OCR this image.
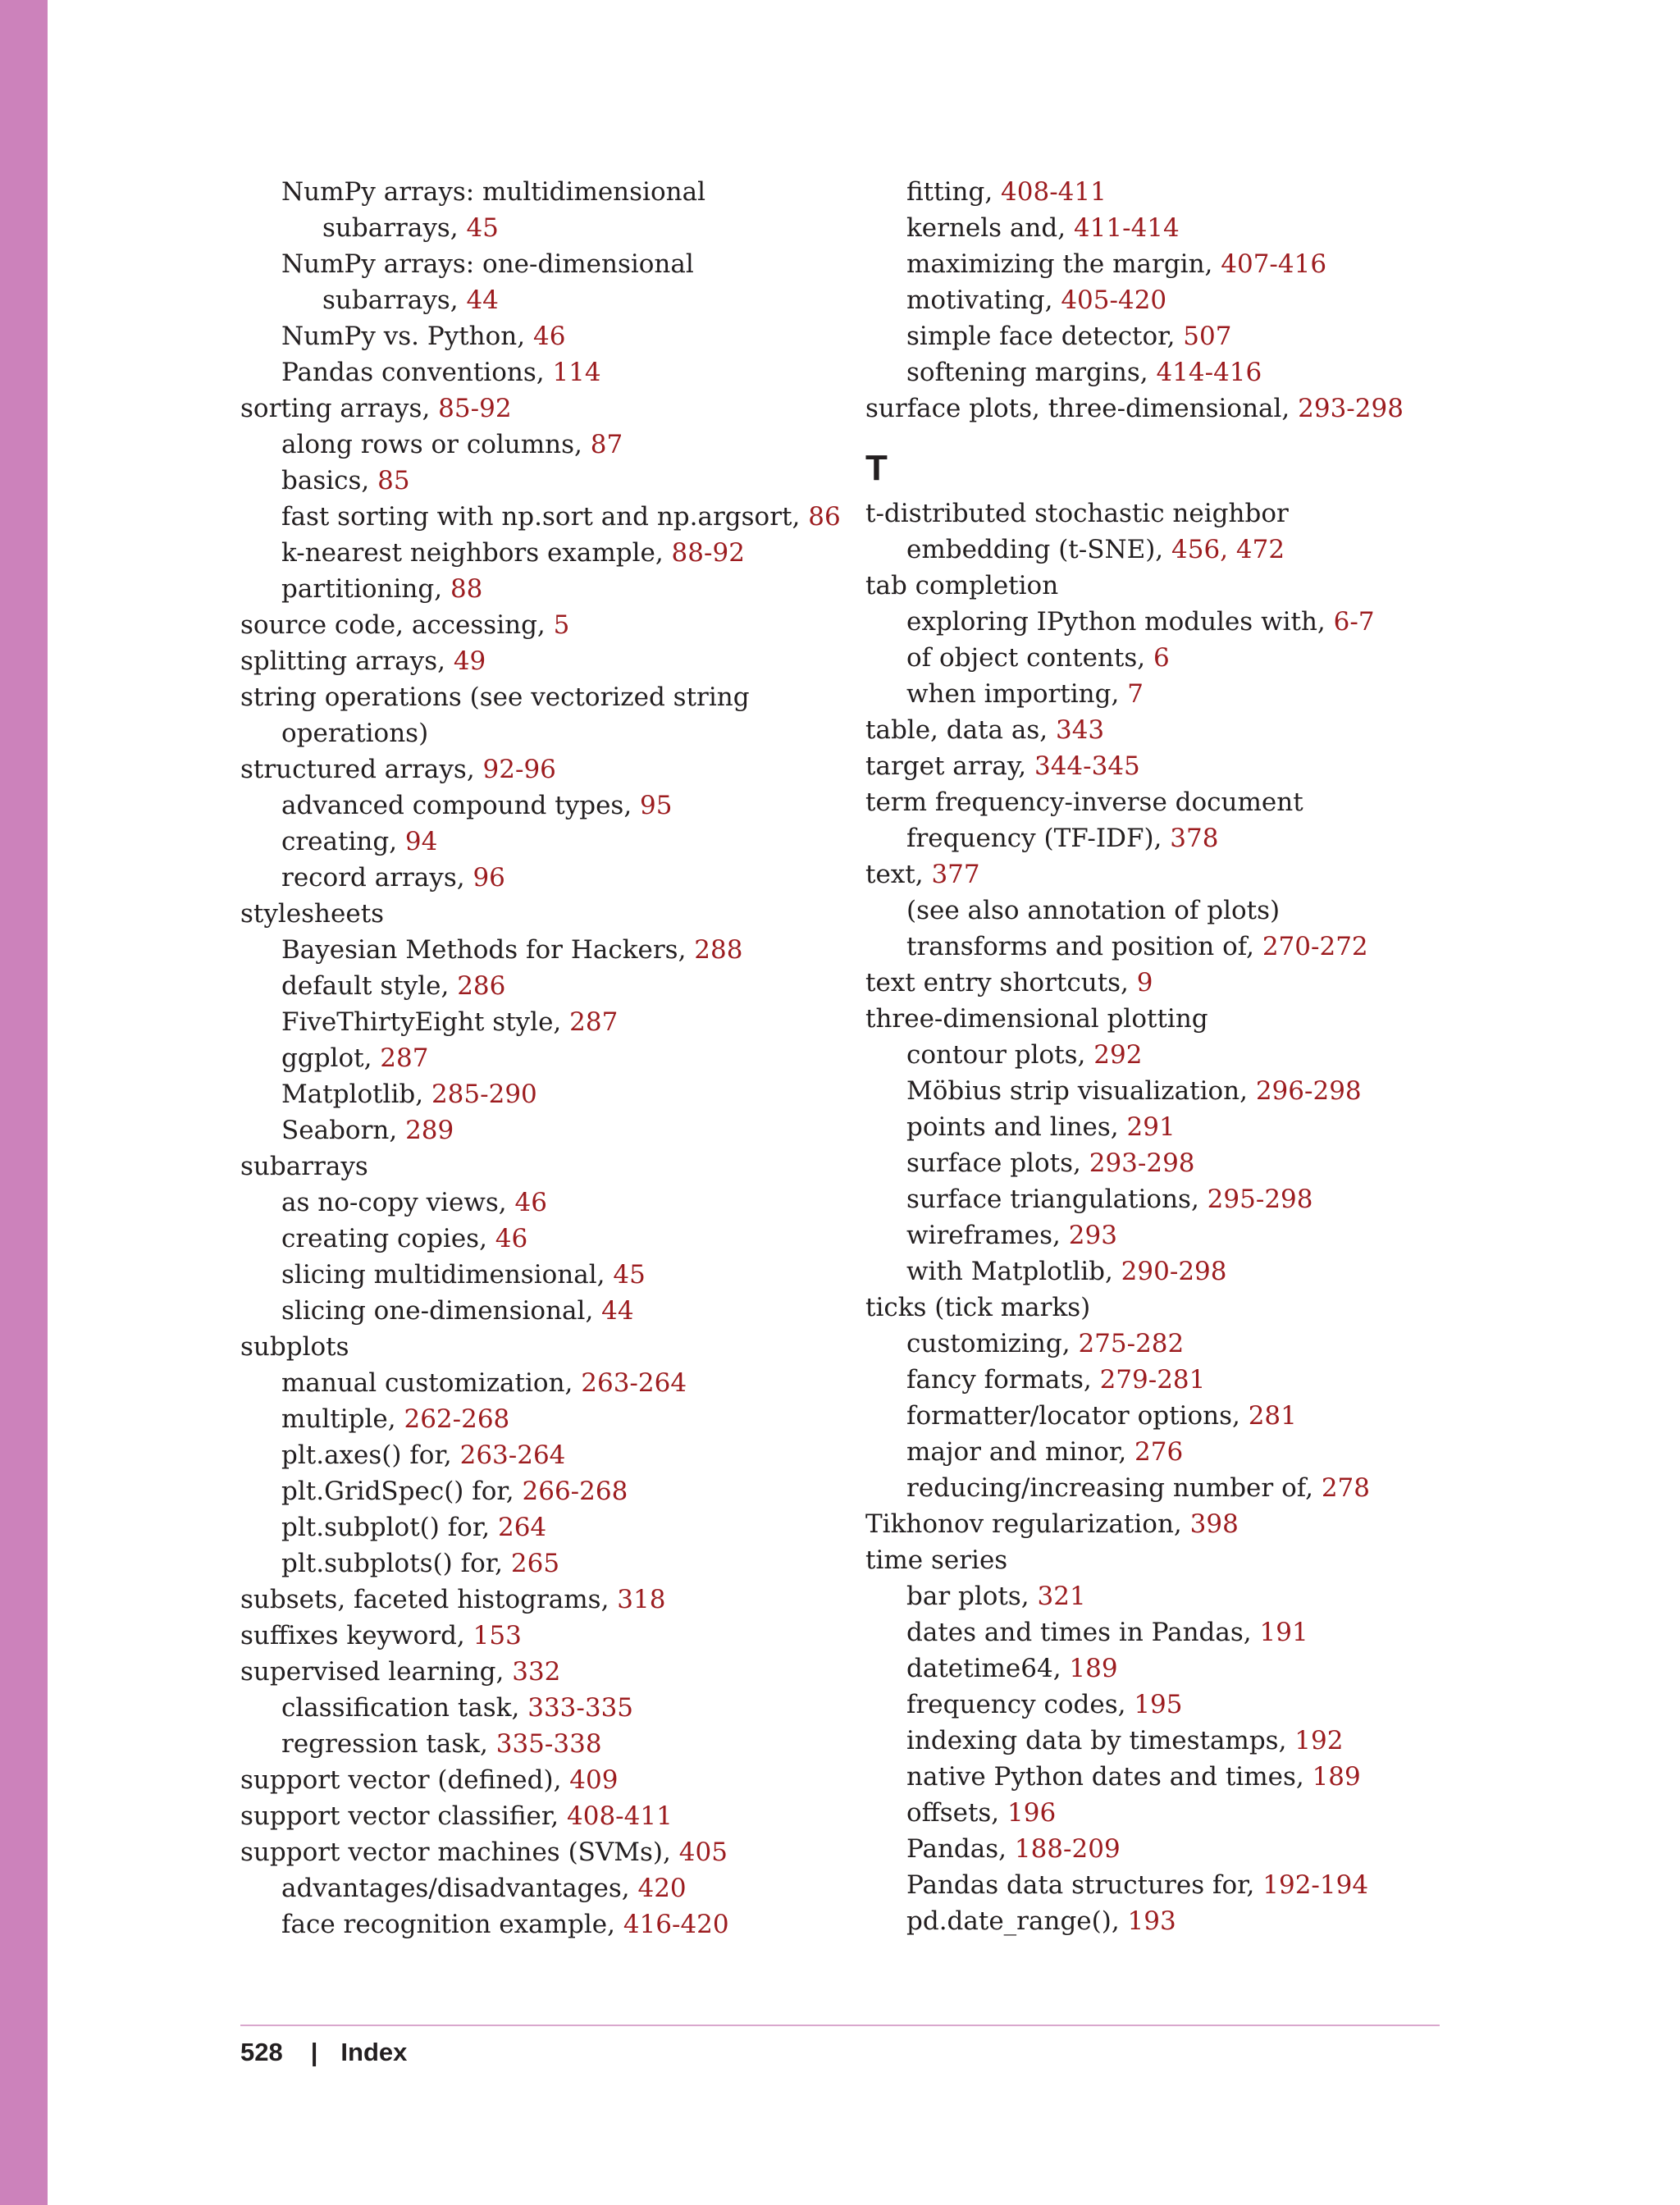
NumPy arrays: multidimensional subarrays, 45
NumPy arrays: one-dimensional subarrays, 44
NumPy vs. Python, 46
Pandas conventions, 114
sorting arrays, 85-92
along rows or columns, 87
basics, 85
fast sorting with np.sort and np.argsort, 86
k-nearest neighbors example, 88-92
partitioning, 88
source code, accessing, 5
splitting arrays, 49
string operations (see vectorized string operations)
structured arrays, 92-96
advanced compound types, 95
creating, 94
record arrays, 96
stylesheets
Bayesian Methods for Hackers, 288
default style, 286
FiveThirtyEight style, 287
ggplot, 287
Matplotlib, 285-290
Seaborn, 289
subarrays
as no-copy views, 46
creating copies, 46
slicing multidimensional, 45
slicing one-dimensional, 44
subplots
manual customization, 263-264
multiple, 262-268
plt.axes() for, 263-264
plt.GridSpec() for, 266-268
plt.subplot() for, 264
plt.subplots() for, 265
subsets, faceted histograms, 318
suffixes keyword, 153
supervised learning, 332
classification task, 333-335
regression task, 335-338
support vector (defined), 409
support vector classifier, 408-411
support vector machines (SVMs), 405
advantages/disadvantages, 420
face recognition example, 416-420
fitting, 408-411
kernels and, 411-414
maximizing the margin, 407-416
motivating, 405-420
simple face detector, 507
softening margins, 414-416
surface plots, three-dimensional, 293-298
T
t-distributed stochastic neighbor embedding (t-SNE), 456, 472
tab completion
exploring IPython modules with, 6-7
of object contents, 6
when importing, 7
table, data as, 343
target array, 344-345
term frequency-inverse document frequency (TF-IDF), 378
text, 377
(see also annotation of plots)
transforms and position of, 270-272
text entry shortcuts, 9
three-dimensional plotting
contour plots, 292
Möbius strip visualization, 296-298
points and lines, 291
surface plots, 293-298
surface triangulations, 295-298
wireframes, 293
with Matplotlib, 290-298
ticks (tick marks)
customizing, 275-282
fancy formats, 279-281
formatter/locator options, 281
major and minor, 276
reducing/increasing number of, 278
Tikhonov regularization, 398
time series
bar plots, 321
dates and times in Pandas, 191
datetime64, 189
frequency codes, 195
indexing data by timestamps, 192
native Python dates and times, 189
offsets, 196
Pandas, 188-209
Pandas data structures for, 192-194
pd.date_range(), 193
528 | Index
